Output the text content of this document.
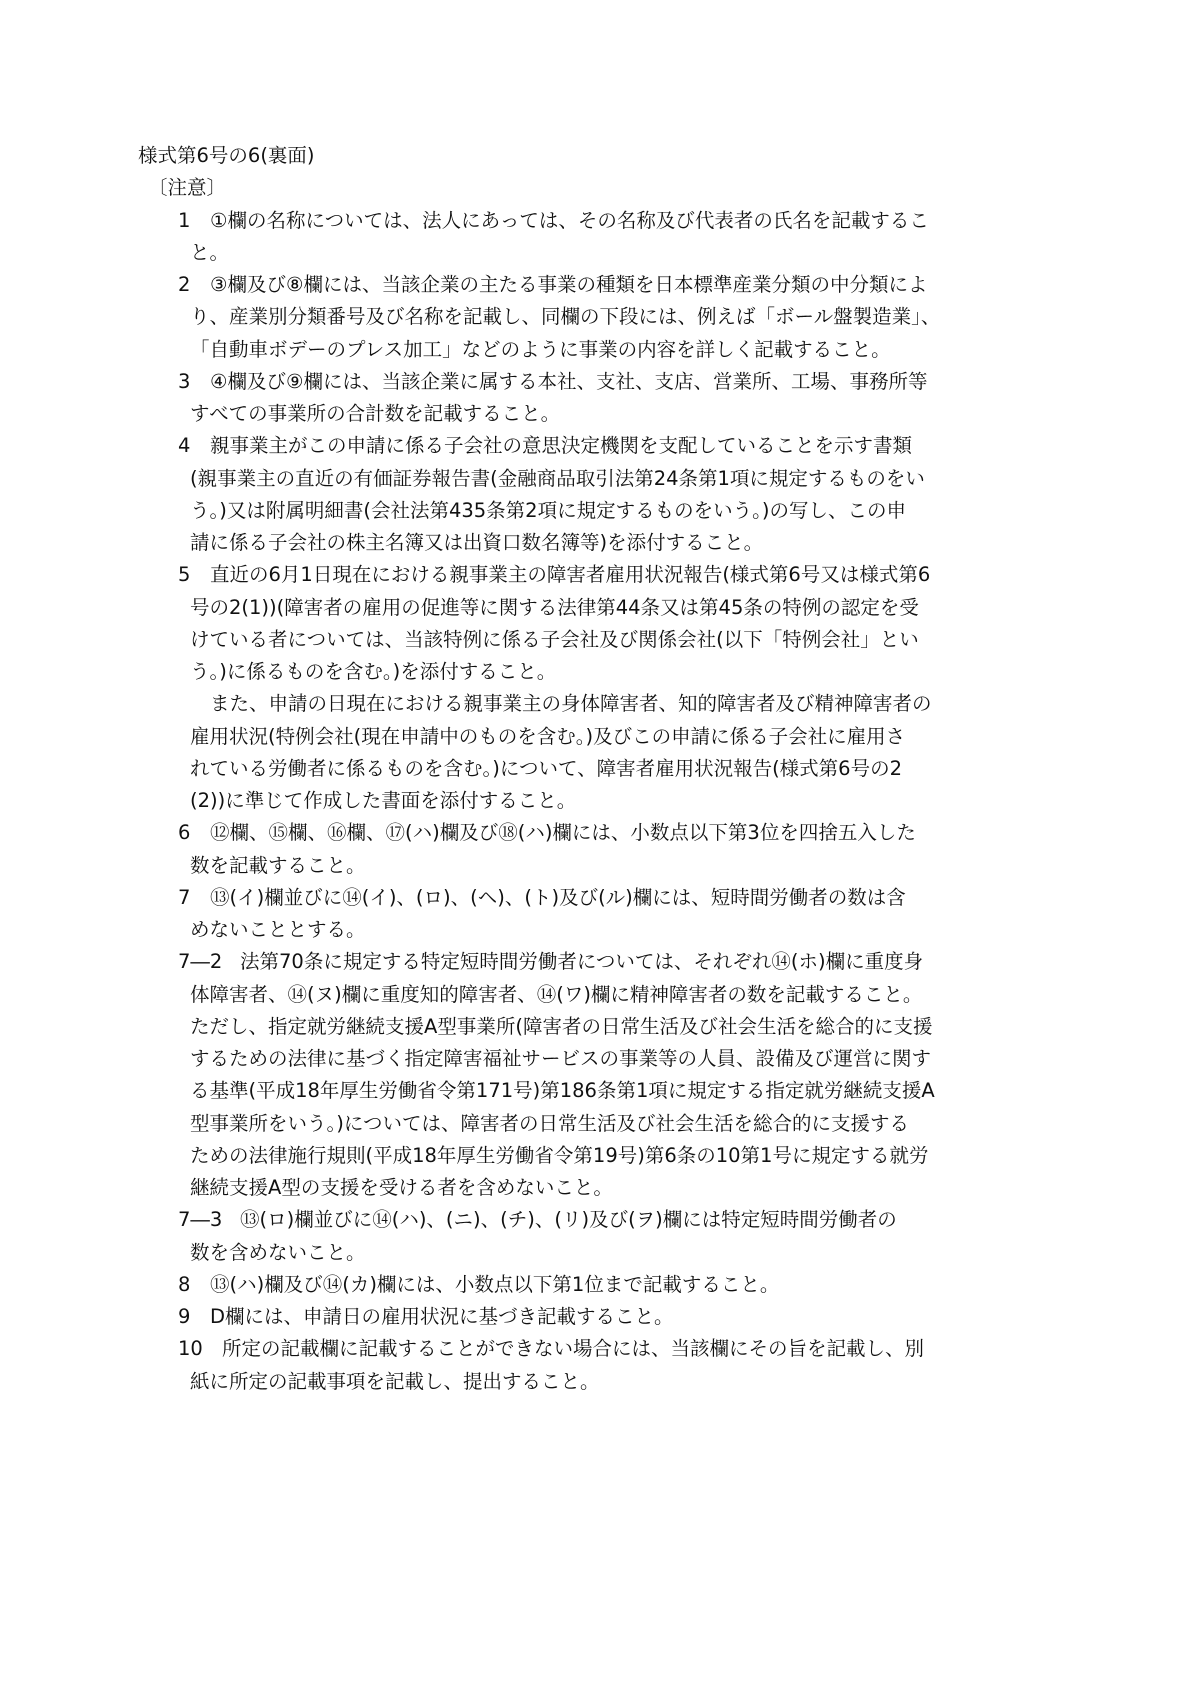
様式第6号の6(裏面)
〔注意〕
1 ①欄の名称については、法人にあっては、その名称及び代表者の氏名を記載するこ
と。
2 ③欄及び⑧欄には、当該企業の主たる事業の種類を日本標準産業分類の中分類によ
り、産業別分類番号及び名称を記載し、同欄の下段には、例えば「ボール盤製造業」、
「自動車ボデーのプレス加工」などのように事業の内容を詳しく記載すること。
3 ④欄及び⑨欄には、当該企業に属する本社、支社、支店、営業所、工場、事務所等
すべての事業所の合計数を記載すること。
4 親事業主がこの申請に係る子会社の意思決定機関を支配していることを示す書類
(親事業主の直近の有価証券報告書(金融商品取引法第24条第1項に規定するものをい
う。)又は附属明細書(会社法第435条第2項に規定するものをいう。)の写し、この申
請に係る子会社の株主名簿又は出資口数名簿等)を添付すること。
5 直近の6月1日現在における親事業主の障害者雇用状況報告(様式第6号又は様式第6
号の2(1))(障害者の雇用の促進等に関する法律第44条又は第45条の特例の認定を受
けている者については、当該特例に係る子会社及び関係会社(以下「特例会社」とい
う。)に係るものを含む。)を添付すること。
また、申請の日現在における親事業主の身体障害者、知的障害者及び精神障害者の
雇用状況(特例会社(現在申請中のものを含む。)及びこの申請に係る子会社に雇用さ
れている労働者に係るものを含む。)について、障害者雇用状況報告(様式第6号の2
(2))に準じて作成した書面を添付すること。
6 ⑫欄、⑮欄、⑯欄、⑰(ハ)欄及び⑱(ハ)欄には、小数点以下第3位を四捨五入した
数を記載すること。
7 ⑬(イ)欄並びに⑭(イ)、(ロ)、(ヘ)、(ト)及び(ル)欄には、短時間労働者の数は含
めないこととする。
7―2 法第70条に規定する特定短時間労働者については、それぞれ⑭(ホ)欄に重度身
体障害者、⑭(ヌ)欄に重度知的障害者、⑭(ワ)欄に精神障害者の数を記載すること。
ただし、指定就労継続支援A型事業所(障害者の日常生活及び社会生活を総合的に支援
するための法律に基づく指定障害福祉サービスの事業等の人員、設備及び運営に関す
る基準(平成18年厚生労働省令第171号)第186条第1項に規定する指定就労継続支援A
型事業所をいう。)については、障害者の日常生活及び社会生活を総合的に支援する
ための法律施行規則(平成18年厚生労働省令第19号)第6条の10第1号に規定する就労
継続支援A型の支援を受ける者を含めないこと。
7―3 ⑬(ロ)欄並びに⑭(ハ)、(ニ)、(チ)、(リ)及び(ヲ)欄には特定短時間労働者の
数を含めないこと。
8 ⑬(ハ)欄及び⑭(カ)欄には、小数点以下第1位まで記載すること。
9 D欄には、申請日の雇用状況に基づき記載すること。
10 所定の記載欄に記載することができない場合には、当該欄にその旨を記載し、別
紙に所定の記載事項を記載し、提出すること。
